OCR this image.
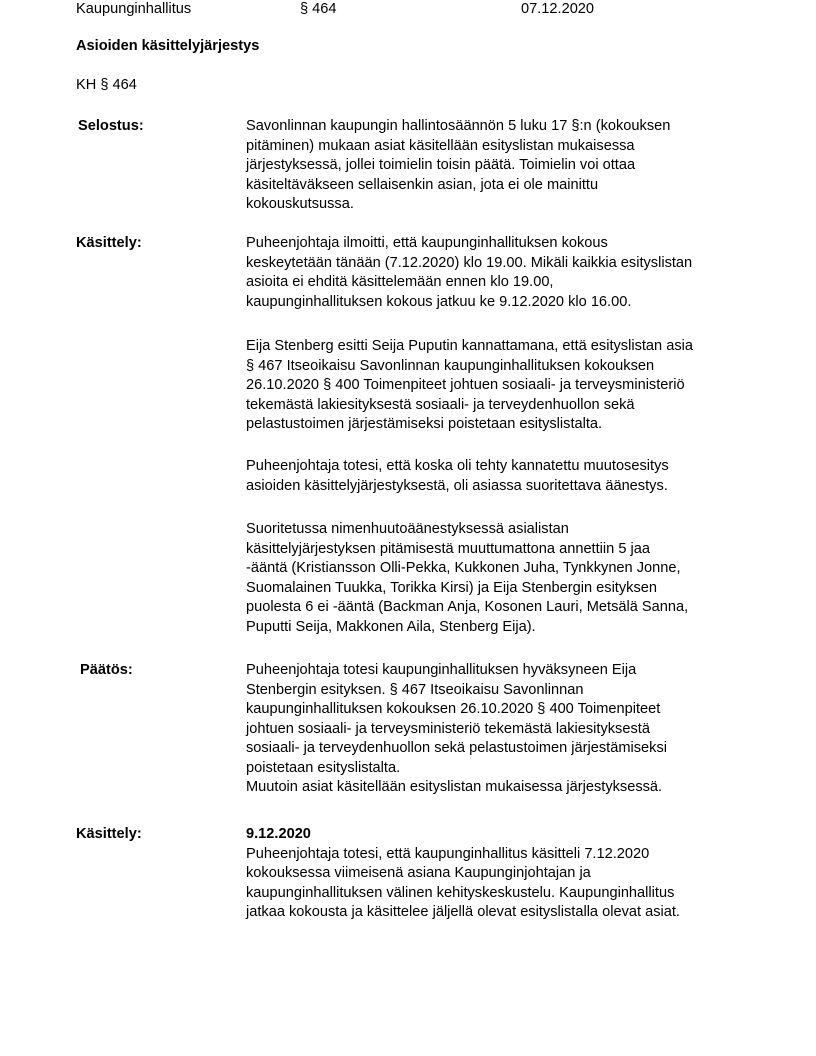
Kaupunginhallitus	§ 464	07.12.2020
Asioiden käsittelyjärjestys
KH § 464
Selostus:	Savonlinnan kaupungin hallintosäännön 5 luku 17 §:n (kokouksen
pitäminen) mukaan asiat käsitellään esityslistan mukaisessa
järjestyksessä, jollei toimielin toisin päätä. Toimielin voi ottaa
käsiteltäväkseen sellaisenkin asian, jota ei ole mainittu
kokouskutsussa.
Käsittely:	Puheenjohtaja ilmoitti, että kaupunginhallituksen kokous
keskeytetään tänään (7.12.2020) klo 19.00. Mikäli kaikkia esityslistan
asioita ei ehditä käsittelemään ennen klo 19.00,
kaupunginhallituksen kokous jatkuu ke 9.12.2020 klo 16.00.
Eija Stenberg esitti Seija Puputin kannattamana, että esityslistan asia
§ 467 Itseoikaisu Savonlinnan kaupunginhallituksen kokouksen
26.10.2020 § 400 Toimenpiteet johtuen sosiaali- ja terveysministeriö
tekemästä lakiesityksestä sosiaali- ja terveydenhuollon sekä
pelastustoimen järjestämiseksi poistetaan esityslistalta.
Puheenjohtaja totesi, että koska oli tehty kannatettu muutosesitys
asioiden käsittelyjärjestyksestä, oli asiassa suoritettava äänestys.
Suoritetussa nimenhuutoäänestyksessä asialistan
käsittelyjärjestyksen pitämisestä muuttumattona annettiin 5 jaa
-ääntä (Kristiansson Olli-Pekka, Kukkonen Juha, Tynkkynen Jonne,
Suomalainen Tuukka, Torikka Kirsi) ja Eija Stenbergin esityksen
puolesta 6 ei -ääntä (Backman Anja, Kosonen Lauri, Metsälä Sanna,
Puputti Seija, Makkonen Aila, Stenberg Eija).
Päätös:	Puheenjohtaja totesi kaupunginhallituksen hyväksyneen Eija
Stenbergin esityksen. § 467 Itseoikaisu Savonlinnan
kaupunginhallituksen kokouksen 26.10.2020 § 400 Toimenpiteet
johtuen sosiaali- ja terveysministeriö tekemästä lakiesityksestä
sosiaali- ja terveydenhuollon sekä pelastustoimen järjestämiseksi
poistetaan esityslistalta.
Muutoin asiat käsitellään esityslistan mukaisessa järjestyksessä.
Käsittely:	9.12.2020
Puheenjohtaja totesi, että kaupunginhallitus käsitteli 7.12.2020
kokouksessa viimeisenä asiana Kaupunginjohtajan ja
kaupunginhallituksen välinen kehityskeskustelu. Kaupunginhallitus
jatkaa kokousta ja käsittelee jäljellä olevat esityslistalla olevat asiat.
